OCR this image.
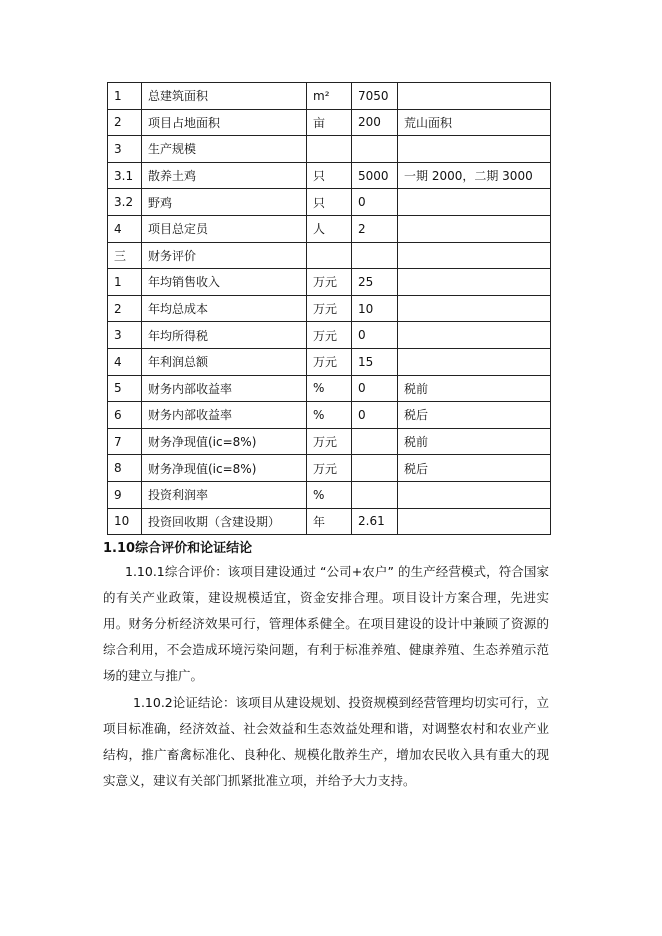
1	总建筑面积	m²	7050	
2	项目占地面积	亩	200	荒山面积
3	生产规模			
3.1	散养土鸡	只	5000	一期 2000，二期 3000
3.2	野鸡	只	0	
4	项目总定员	人	2	
三	财务评价			
1	年均销售收入	万元	25	
2	年均总成本	万元	10	
3	年均所得税	万元	0	
4	年利润总额	万元	15	
5	财务内部收益率	%	0	税前
6	财务内部收益率	%	0	税后
7	财务净现值(ic=8%)	万元		税前
8	财务净现值(ic=8%)	万元		税后
9	投资利润率	%		
10	投资回收期（含建设期）	年	2.61	
1.10综合评价和论证结论
1.10.1综合评价：该项目建设通过 “公司+农户” 的生产经营模式，符合国家的有关产业政策，建设规模适宜，资金安排合理。项目设计方案合理，先进实用。财务分析经济效果可行，管理体系健全。在项目建设的设计中兼顾了资源的综合利用，不会造成环境污染问题，有利于标准养殖、健康养殖、生态养殖示范场的建立与推广。
1.10.2论证结论：该项目从建设规划、投资规模到经营管理均切实可行，立项目标准确，经济效益、社会效益和生态效益处理和谐，对调整农村和农业产业结构，推广畜禽标准化、良种化、规模化散养生产，增加农民收入具有重大的现实意义，建议有关部门抓紧批准立项，并给予大力支持。
